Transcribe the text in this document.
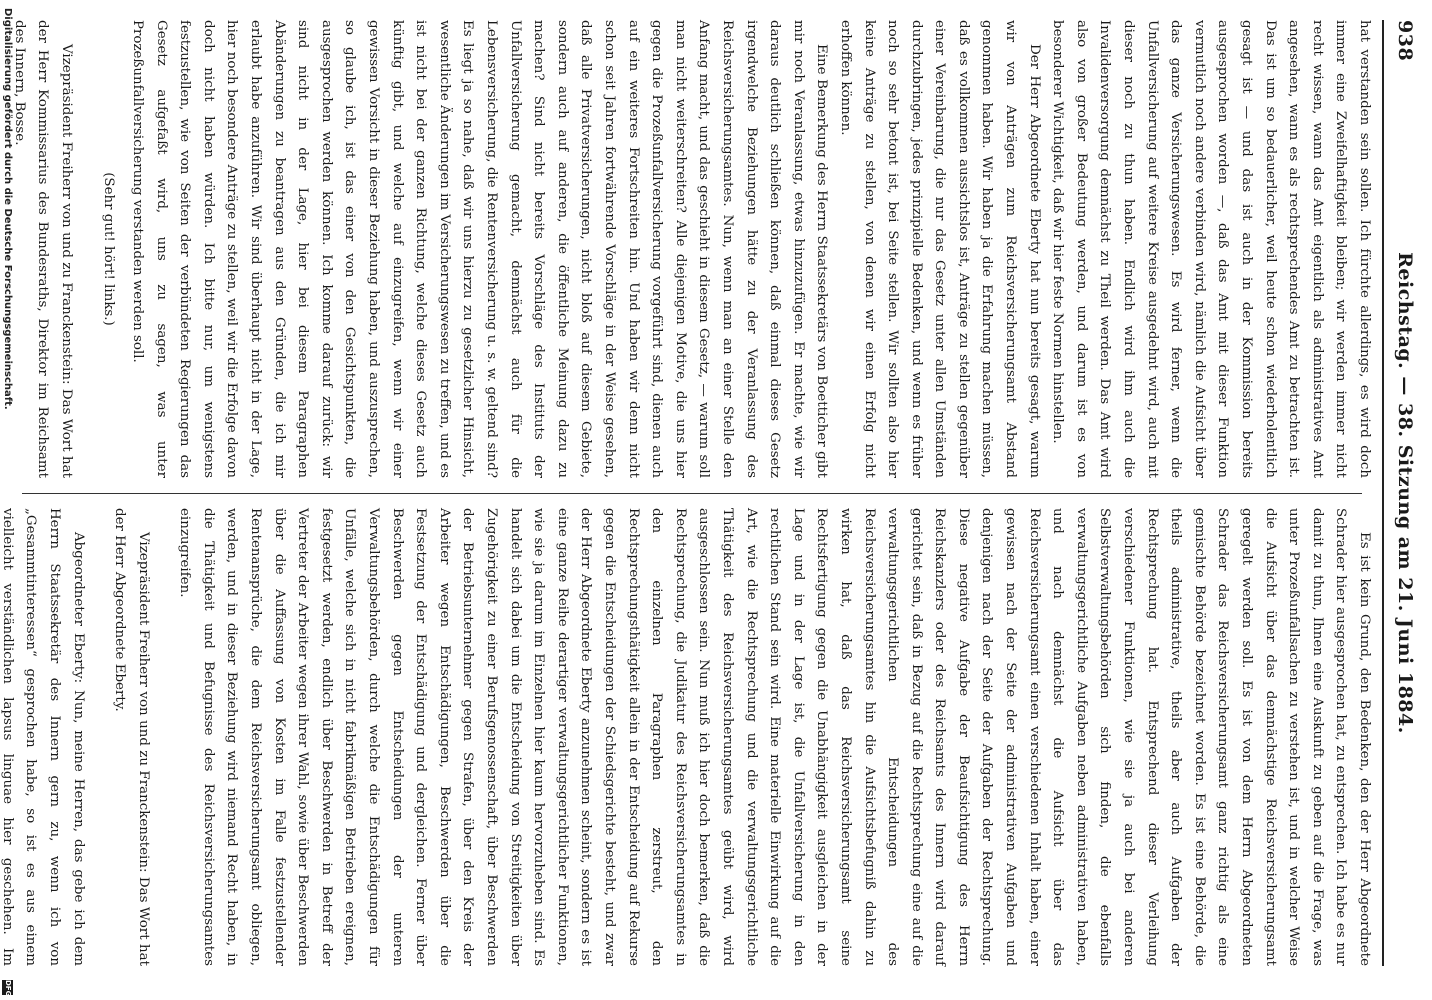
938
Reichstag. — 38. Sitzung am 21. Juni 1884.

hat verstanden sein sollen. Ich fürchte allerdings, es wird doch immer eine Zweifelhaftigkeit bleiben; wir werden immer nicht recht wissen, wann das Amt eigentlich als administratives Amt angesehen, wann es als rechtsprechendes Amt zu betrachten ist. Das ist um so bedauerlicher, weil heute schon wiederholentlich gesagt ist — und das ist auch in der Kommission bereits ausgesprochen worden —, daß das Amt mit dieser Funktion vermutlich noch andere verbinden wird, nämlich die Aufsicht über das ganze Versicherungswesen. Es wird ferner, wenn die Unfallversicherung auf weitere Kreise ausgedehnt wird, auch mit dieser noch zu thun haben. Endlich wird ihm auch die Invalidenversorgung demnächst zu Theil werden. Das Amt wird also von großer Bedeutung werden, und darum ist es von besonderer Wichtigkeit, daß wir hier feste Normen hinstellen.

Der Herr Abgeordnete Eberty hat nun bereits gesagt, warum wir von Anträgen zum Reichsversicherungsamt Abstand genommen haben. Wir haben ja die Erfahrung machen müssen, daß es vollkommen aussichtslos ist, Anträge zu stellen gegenüber einer Vereinbarung, die nur das Gesetz unter allen Umständen durchzubringen, jedes prinzipielle Bedenken, und wenn es früher noch so sehr betont ist, bei Seite stellen. Wir sollten also hier keine Anträge zu stellen, von denen wir einen Erfolg nicht erhoffen können.

Eine Bemerkung des Herrn Staatssekretärs von Boetticher gibt mir noch Veranlassung, etwas hinzuzufügen. Er machte, wie wir daraus deutlich schließen können, daß einmal dieses Gesetz irgendwelche Beziehungen hätte zu der Veranlassung des Reichsversicherungsamtes. Nun, wenn man an einer Stelle den Anfang macht, und das geschieht in diesem Gesetz, — warum soll man nicht weiterschreiten? Alle diejenigen Motive, die uns hier gegen die Prozeßunfallversicherung vorgeführt sind, dienen auch auf ein weiteres Fortschreiten hin. Und haben wir denn nicht schon seit Jahren fortwährende Vorschläge in der Weise gesehen, daß alle Privatversicherungen, nicht bloß auf diesem Gebiete, sondern auch auf anderen, die öffentliche Meinung dazu zu machen? Sind nicht bereits Vorschläge des Instituts der Unfallversicherung gemacht, demnächst auch für die Lebensversicherung, die Rentenversicherung u. s. w. geltend sind? Es liegt ja so nahe, daß wir uns hierzu zu gesetzlicher Hinsicht, wesentliche Änderungen im Versicherungswesen zu treffen, und es ist nicht bei der ganzen Richtung, welche dieses Gesetz auch künftig gibt, und welche auf einzugreifen, wenn wir einer gewissen Vorsicht in dieser Beziehung haben, und auszusprechen, so glaube ich, ist das einer von den Gesichtspunkten, die ausgesprochen werden können. Ich komme darauf zurück: wir sind nicht in der Lage, hier bei diesem Paragraphen Abänderungen zu beantragen aus den Gründen, die ich mir erlaubt habe anzuführen. Wir sind überhaupt nicht in der Lage, hier noch besondere Anträge zu stellen, weil wir die Erfolge davon doch nicht haben würden. Ich bitte nur, um wenigstens festzustellen, wie von Seiten der verbündeten Regierungen das Gesetz aufgefaßt wird, uns zu sagen, was unter Prozeßunfallversicherung verstanden werden soll.

(Sehr gut! hört! links.)

Vizepräsident Freiherr von und zu Franckenstein: Das Wort hat der Herr Kommissarius des Bundesraths, Direktor im Reichsamt des Innern, Bosse.

Es ist kein Grund, den Bedenken, den der Herr Abgeordnete Schrader hier ausgesprochen hat, zu entsprechen. Ich habe es nur damit zu thun, Ihnen eine Auskunft zu geben auf die Frage, was unter Prozeßunfallsachen zu verstehen ist, und in welcher Weise die Aufsicht über das demnächstige Reichsversicherungsamt geregelt werden soll. Es ist von dem Herrn Abgeordneten Schrader das Reichsversicherungsamt ganz richtig als eine gemischte Behörde bezeichnet worden. Es ist eine Behörde, die theils administrative, theils aber auch Aufgaben der Rechtsprechung hat. Entsprechend dieser Verleihung verschiedener Funktionen, wie sie ja auch bei anderen Selbstverwaltungsbehörden sich finden, die ebenfalls verwaltungsgerichtliche Aufgaben neben administrativen haben, und nach demnächst die Aufsicht über das Reichsversicherungsamt einen verschiedenen Inhalt haben, einer gewissen nach der Seite der administrativen Aufgaben und denjenigen nach der Seite der Aufgaben der Rechtsprechung. Diese negative Aufgabe der Beaufsichtigung des Herrn Reichskanzlers oder des Reichsamts des Innern wird darauf gerichtet sein, daß in Bezug auf die Rechtsprechung eine auf die verwaltungsgerichtlichen Entscheidungen des Reichsversicherungsamtes hin die Aufsichtsbefugniß dahin zu wirken hat, daß das Reichsversicherungsamt seine Rechtsfertigung gegen die Unabhängigkeit ausgleichen in der Lage und in der Lage ist, die Unfallversicherung in den rechtlichen Stand sein wird. Eine materielle Einwirkung auf die Art, wie die Rechtsprechung und die verwaltungsgerichtliche Thätigkeit des Reichsversicherungsamtes geübt wird, wird ausgeschlossen sein. Nun muß ich hier doch bemerken, daß die Rechtsprechung, die Judikatur des Reichsversicherungsamtes in den einzelnen Paragraphen zerstreut, den Rechtsprechungsthätigkeit allein in der Entscheidung auf Rekurse gegen die Entscheidungen der Schiedsgerichte besteht, und zwar der Herr Abgeordnete Eberty anzunehmen scheint, sondern es ist eine ganze Reihe derartiger verwaltungsgerichtlicher Funktionen, wie sie ja darum im Einzelnen hier kaum hervorzuheben sind. Es handelt sich dabei um die Entscheidung von Streitigkeiten über Zugehörigkeit zu einer Berufsgenossenschaft, über Beschwerden der Betriebsunternehmer gegen Strafen, über den Kreis der Arbeiter wegen Entschädigungen, Beschwerden über die Festsetzung der Entschädigung und dergleichen. Ferner über Beschwerden gegen Entscheidungen der unteren Verwaltungsbehörden, durch welche die Entschädigungen für Unfälle, welche sich in nicht fabrikmäßigen Betrieben ereignen, festgesetzt werden, endlich über Beschwerden in Betreff der Vertreter der Arbeiter wegen ihrer Wahl, sowie über Beschwerden über die Auffassung von Kosten im Falle festzustellender Rentenansprüche, die dem Reichsversicherungsamt obliegen, werden, und in dieser Beziehung wird niemand Recht haben, in die Thätigkeit und Befugnisse des Reichsversicherungsamtes einzugreifen.

Vizepräsident Freiherr von und zu Franckenstein: Das Wort hat der Herr Abgeordnete Eberty.

Abgeordneter Eberty: Nun, meine Herren, das gebe ich dem Herrn Staatssekretär des Innern gern zu, wenn ich von „Gesammtinteressen“ gesprochen habe, so ist es aus einem vielleicht verständlichen lapsus linguae hier geschehen. Im

Digitalisierung gefördert durch die Deutsche Forschungsgemeinschaft.
DFG
